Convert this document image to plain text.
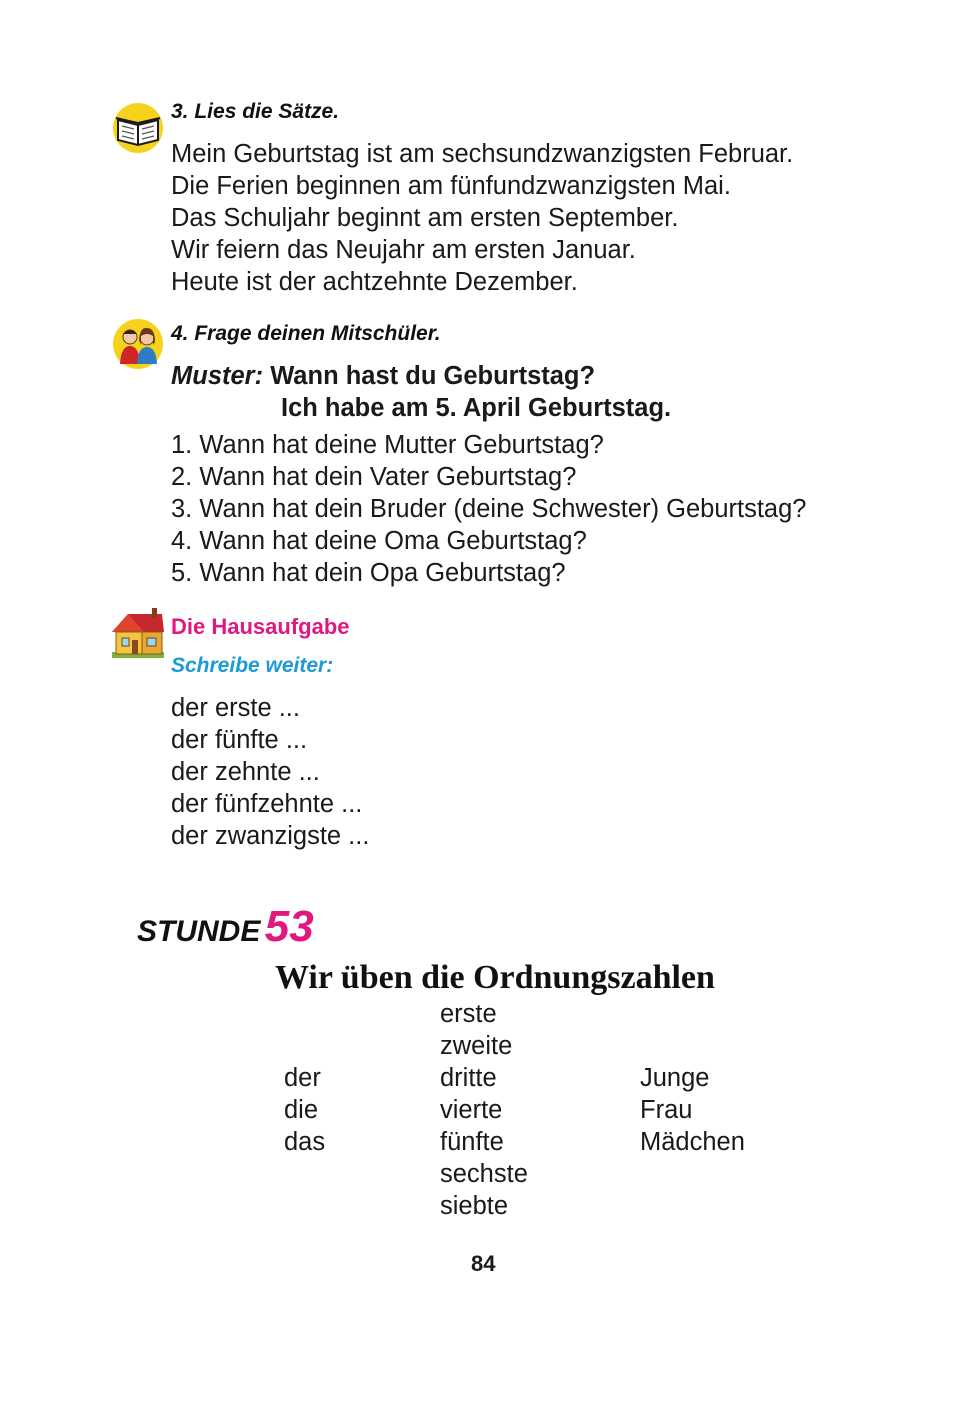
3. Lies die Sätze.
Mein Geburtstag ist am sechsundzwanzigsten Februar.
Die Ferien beginnen am fünfundzwanzigsten Mai.
Das Schuljahr beginnt am ersten September.
Wir feiern das Neujahr am ersten Januar.
Heute ist der achtzehnte Dezember.
4. Frage deinen Mitschüler.
Muster: Wann hast du Geburtstag?
Ich habe am 5. April Geburtstag.
1. Wann hat deine Mutter Geburtstag?
2. Wann hat dein Vater Geburtstag?
3. Wann hat dein Bruder (deine Schwester) Geburtstag?
4. Wann hat deine Oma Geburtstag?
5. Wann hat dein Opa Geburtstag?
Die Hausaufgabe
Schreibe weiter:
der erste ...
der fünfte ...
der zehnte ...
der fünfzehnte ...
der zwanzigste ...
STUNDE 53
Wir üben die Ordnungszahlen
erste
zweite
dritte
vierte
fünfte
sechste
siebte
der
die
das
Junge
Frau
Mädchen
84
